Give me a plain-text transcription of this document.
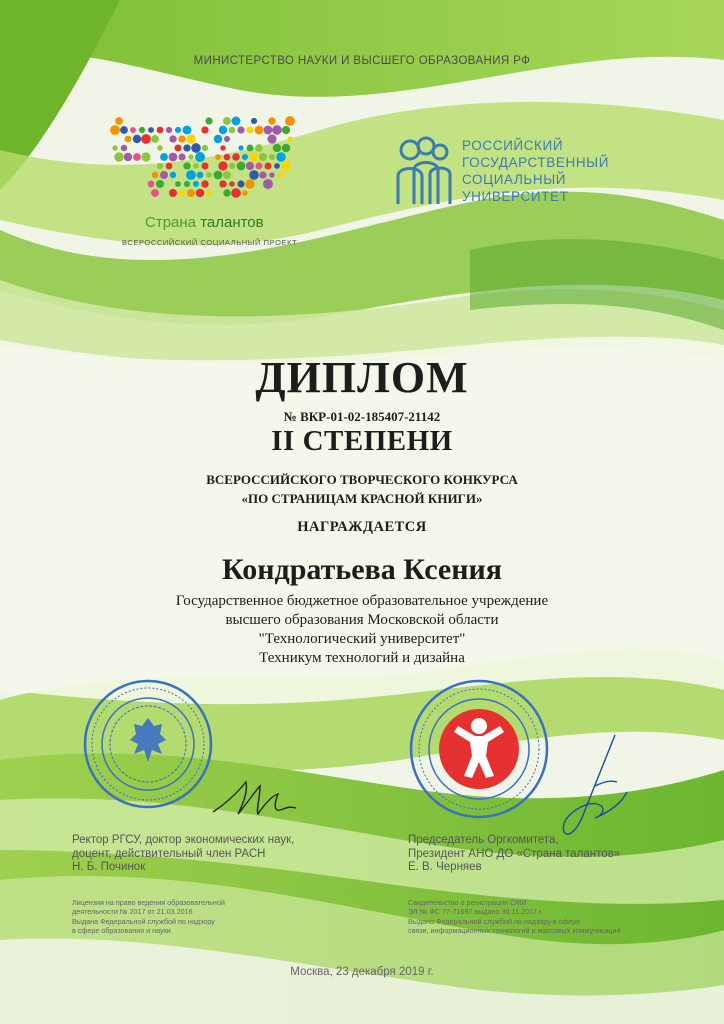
МИНИСТЕРСТВО НАУКИ И ВЫСШЕГО ОБРАЗОВАНИЯ РФ
Страна талантов
ВСЕРОССИЙСКИЙ СОЦИАЛЬНЫЙ ПРОЕКТ
РОССИЙСКИЙ
ГОСУДАРСТВЕННЫЙ
СОЦИАЛЬНЫЙ
УНИВЕРСИТЕТ
ДИПЛОМ
№ ВКР-01-02-185407-21142
II СТЕПЕНИ
ВСЕРОССИЙСКОГО ТВОРЧЕСКОГО КОНКУРСА
«ПО СТРАНИЦАМ КРАСНОЙ КНИГИ»
НАГРАЖДАЕТСЯ
Кондратьева Ксения
Государственное бюджетное образовательное учреждение
высшего образования Московской области
"Технологический университет"
Техникум технологий и дизайна
Ректор РГСУ, доктор экономических наук,
доцент, действительный член РАСН
Н. Б. Починок
Председатель Оргкомитета,
Президент АНО ДО «Страна талантов»
Е. В. Черняев
Лицензия на право ведения образовательной
деятельности № 2017 от 21.03.2016
Выдана Федеральной службой по надзору
в сфере образования и науки
Свидетельство о регистрации СМИ
ЭЛ № ФС 77-71697 выдано 30.11.2017 г.
Выдано Федеральной службой по надзору в сфере
связи, информационных технологий и массовых коммуникаций
Москва, 23 декабря 2019 г.
